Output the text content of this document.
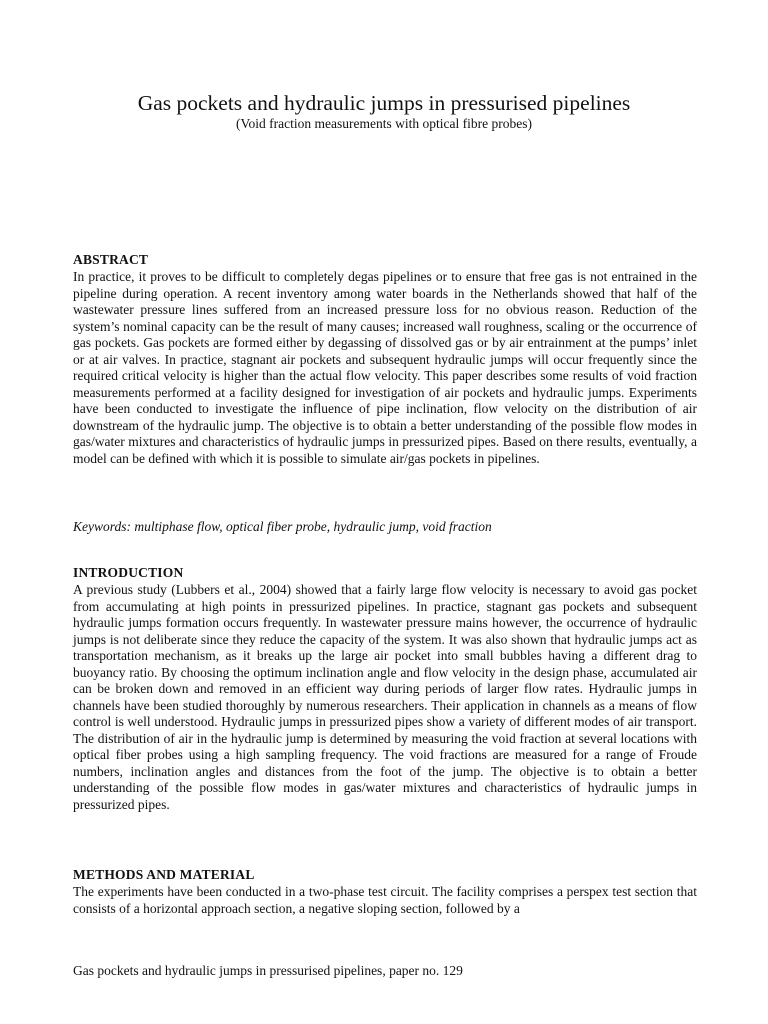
Gas pockets and hydraulic jumps in pressurised pipelines
(Void fraction measurements with optical fibre probes)
ABSTRACT
In practice, it proves to be difficult to completely degas pipelines or to ensure that free gas is not entrained in the pipeline during operation. A recent inventory among water boards in the Netherlands showed that half of the wastewater pressure lines suffered from an increased pressure loss for no obvious reason. Reduction of the system’s nominal capacity can be the result of many causes; increased wall roughness, scaling or the occurrence of gas pockets. Gas pockets are formed either by degassing of dissolved gas or by air entrainment at the pumps’ inlet or at air valves. In practice, stagnant air pockets and subsequent hydraulic jumps will occur frequently since the required critical velocity is higher than the actual flow velocity. This paper describes some results of void fraction measurements performed at a facility designed for investigation of air pockets and hydraulic jumps. Experiments have been conducted to investigate the influence of pipe inclination, flow velocity on the distribution of air downstream of the hydraulic jump. The objective is to obtain a better understanding of the possible flow modes in gas/water mixtures and characteristics of hydraulic jumps in pressurized pipes. Based on there results, eventually, a model can be defined with which it is possible to simulate air/gas pockets in pipelines.
Keywords: multiphase flow, optical fiber probe, hydraulic jump, void fraction
INTRODUCTION
A previous study (Lubbers et al., 2004) showed that a fairly large flow velocity is necessary to avoid gas pocket from accumulating at high points in pressurized pipelines. In practice, stagnant gas pockets and subsequent hydraulic jumps formation occurs frequently. In wastewater pressure mains however, the occurrence of hydraulic jumps is not deliberate since they reduce the capacity of the system. It was also shown that hydraulic jumps act as transportation mechanism, as it breaks up the large air pocket into small bubbles having a different drag to buoyancy ratio. By choosing the optimum inclination angle and flow velocity in the design phase, accumulated air can be broken down and removed in an efficient way during periods of larger flow rates. Hydraulic jumps in channels have been studied thoroughly by numerous researchers. Their application in channels as a means of flow control is well understood. Hydraulic jumps in pressurized pipes show a variety of different modes of air transport. The distribution of air in the hydraulic jump is determined by measuring the void fraction at several locations with optical fiber probes using a high sampling frequency. The void fractions are measured for a range of Froude numbers, inclination angles and distances from the foot of the jump. The objective is to obtain a better understanding of the possible flow modes in gas/water mixtures and characteristics of hydraulic jumps in pressurized pipes.
METHODS AND MATERIAL
The experiments have been conducted in a two-phase test circuit. The facility comprises a perspex test section that consists of a horizontal approach section, a negative sloping section, followed by a
Gas pockets and hydraulic jumps in pressurised pipelines, paper no. 129
